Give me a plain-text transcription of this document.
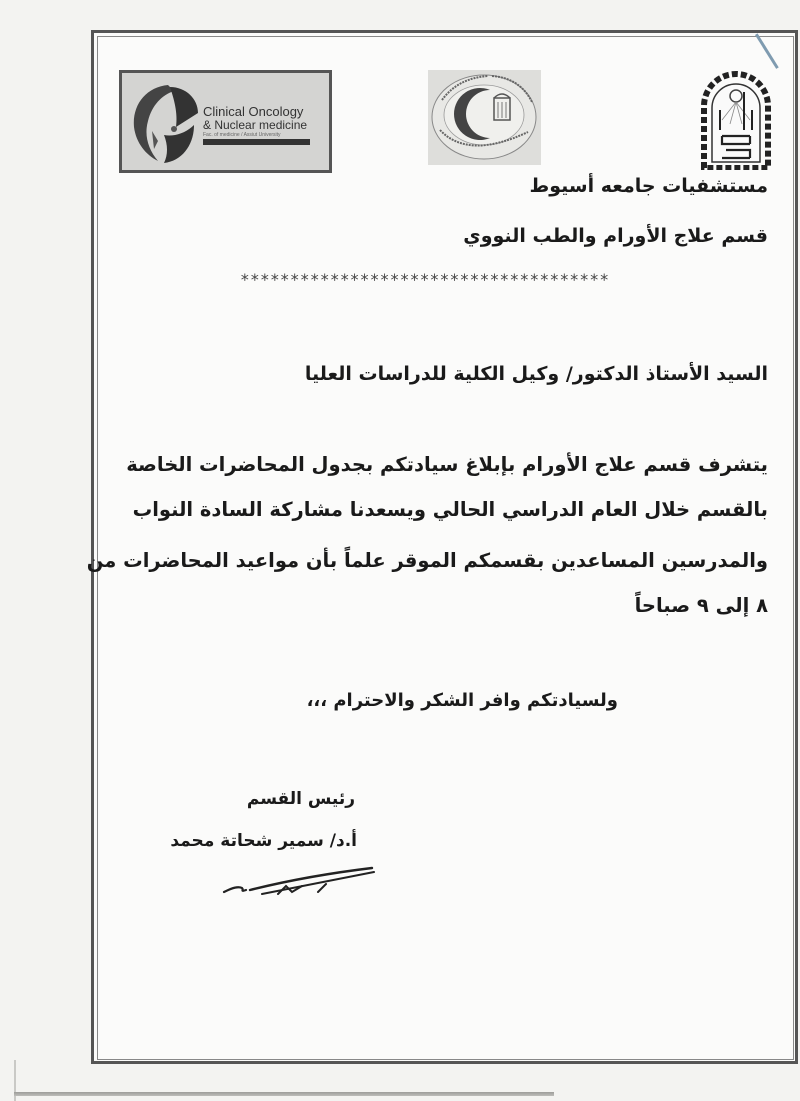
Clinical Oncology
& Nuclear medicine
Fac. of medicine / Assiut University
مستشفيات جامعه أسيوط
قسم علاج الأورام والطب النووي
*************************************
السيد الأستاذ الدكتور/ وكيل الكلية للدراسات العليا
يتشرف قسم علاج الأورام بإبلاغ سيادتكم بجدول المحاضرات الخاصة
بالقسم خلال العام الدراسي الحالي ويسعدنا مشاركة السادة النواب
والمدرسين المساعدين بقسمكم الموقر علماً بأن مواعيد المحاضرات من
٨ إلى ٩ صباحاً
ولسيادتكم وافر الشكر والاحترام ،،،
رئيس القسم
أ.د/ سمير شحاتة محمد
